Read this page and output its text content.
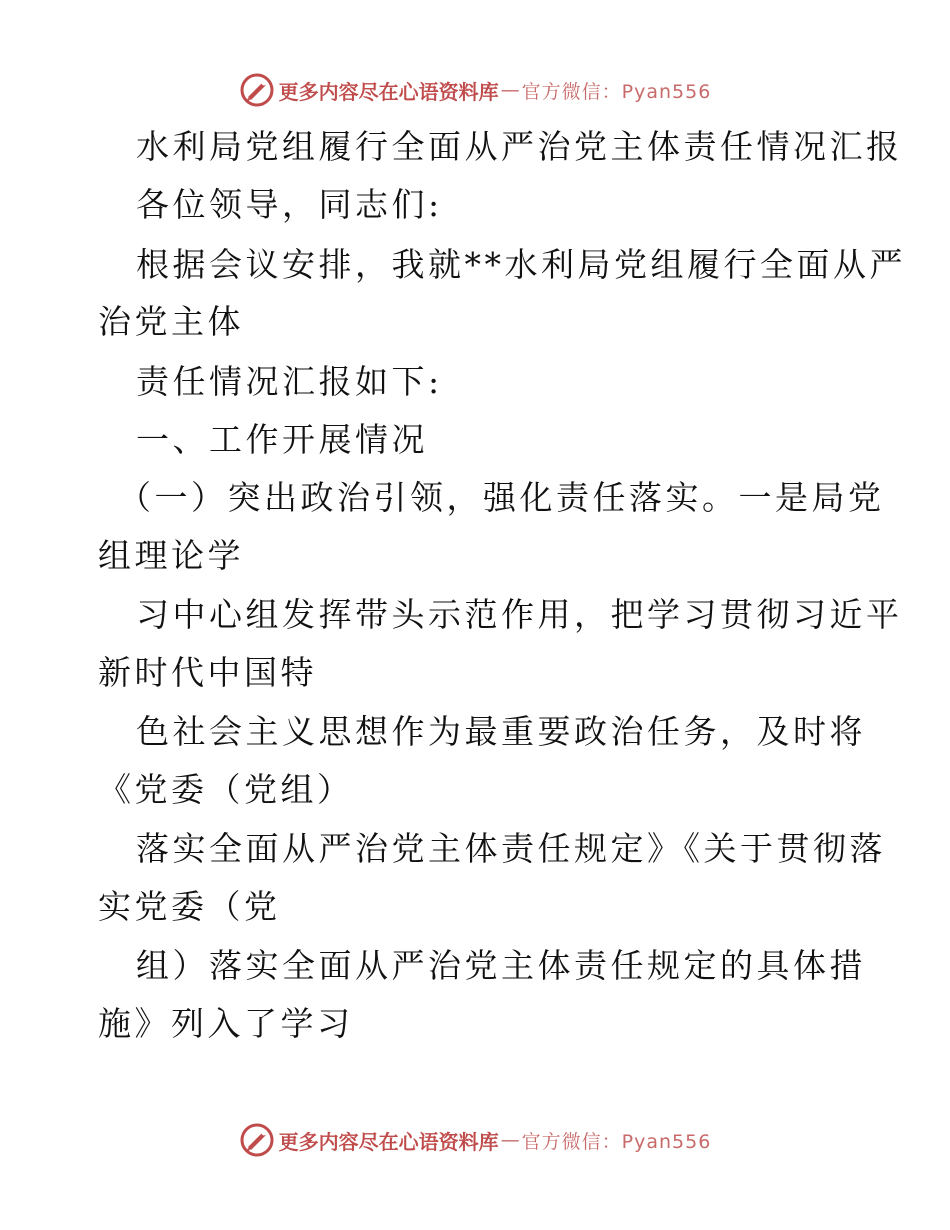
更多内容尽在心语资料库 — 官方微信：Pyan556
水利局党组履行全面从严治党主体责任情况汇报
各位领导，同志们:
根据会议安排，我就**水利局党组履行全面从严
治党主体
责任情况汇报如下:
一、工作开展情况
（一）突出政治引领，强化责任落实。一是局党
组理论学
习中心组发挥带头示范作用，把学习贯彻习近平
新时代中国特
色社会主义思想作为最重要政治任务，及时将
《党委（党组）
落实全面从严治党主体责任规定》《关于贯彻落
实党委（党
组）落实全面从严治党主体责任规定的具体措
施》列入了学习
更多内容尽在心语资料库 — 官方微信：Pyan556
